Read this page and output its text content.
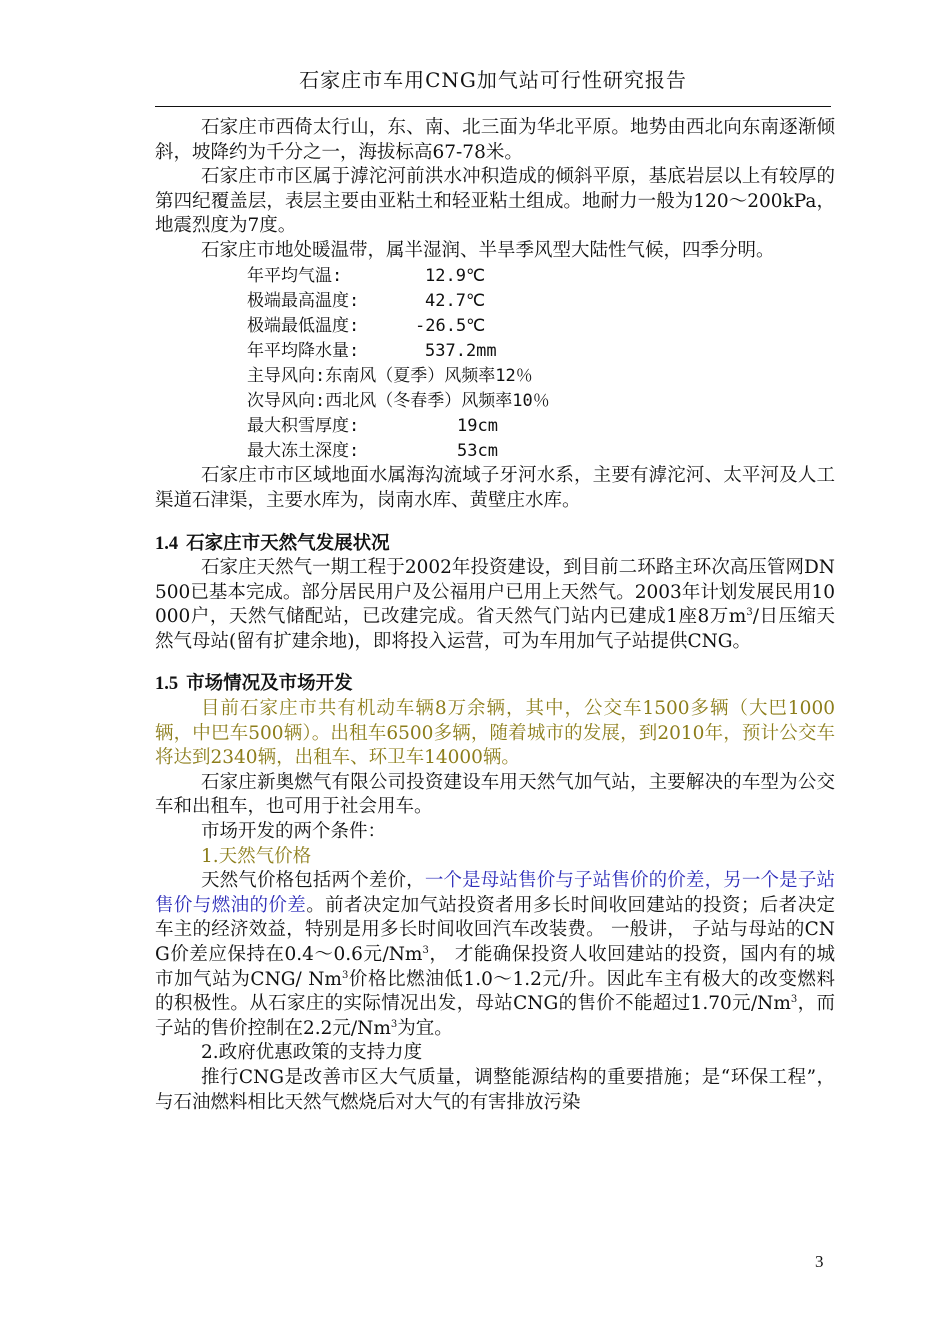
石家庄市车用CNG加气站可行性研究报告

石家庄市西倚太行山，东、南、北三面为华北平原。地势由西北向东南逐渐倾斜，坡降约为千分之一，海拔标高67-78米。

石家庄市市区属于滹沱河前洪水冲积造成的倾斜平原，基底岩层以上有较厚的第四纪覆盖层，表层主要由亚粘土和轻亚粘土组成。地耐力一般为120～200kPa，地震烈度为7度。

石家庄市地处暖温带，属半湿润、半旱季风型大陆性气候，四季分明。

年平均气温:	12.9℃
极端最高温度:	42.7℃
极端最低温度:	-26.5℃
年平均降水量:	537.2mm
主导风向: 东南风（夏季）风频率12％
次导风向: 西北风（冬春季）风频率10％
最大积雪厚度:	19cm
最大冻土深度:	53cm

石家庄市市区域地面水属海沟流域子牙河水系，主要有滹沱河、太平河及人工渠道石津渠，主要水库为，岗南水库、黄壁庄水库。

1.4 石家庄市天然气发展状况

石家庄天然气一期工程于2002年投资建设，到目前二环路主环次高压管网DN500已基本完成。部分居民用户及公福用户已用上天然气。2003年计划发展民用10000户，天然气储配站，已改建完成。省天然气门站内已建成1座8万$m^3/$日压缩天然气母站(留有扩建余地)，即将投入运营，可为车用加气子站提供CNG。

1.5 市场情况及市场开发

目前石家庄市共有机动车辆8万余辆，其中，公交车1500多辆（大巴1000辆，中巴车500辆）。出租车6500多辆，随着城市的发展，到2010年，预计公交车将达到2340辆，出租车、环卫车14000辆。

石家庄新奥燃气有限公司投资建设车用天然气加气站，主要解决的车型为公交车和出租车，也可用于社会用车。

市场开发的两个条件：

1.天然气价格

天然气价格包括两个差价，一个是母站售价与子站售价的价差，另一个是子站售价与燃油的价差。前者决定加气站投资者用多长时间收回建站的投资；后者决定车主的经济效益，特别是用多长时间收回汽车改装费。 一般讲， 子站与母站的CNG价差应保持在0.4～0.6元/Nm$^3$， 才能确保投资人收回建站的投资，国内有的城市加气站为CNG/ Nm$^3$价格比燃油低1.0～1.2元/升。因此车主有极大的改变燃料的积极性。从石家庄的实际情况出发，母站CNG的售价不能超过1.70元/Nm$^3$，而子站的售价控制在2.2元/Nm$^3$为宜。

2.政府优惠政策的支持力度

推行CNG是改善市区大气质量，调整能源结构的重要措施；是“环保工程”，与石油燃料相比天然气燃烧后对大气的有害排放污染

3
